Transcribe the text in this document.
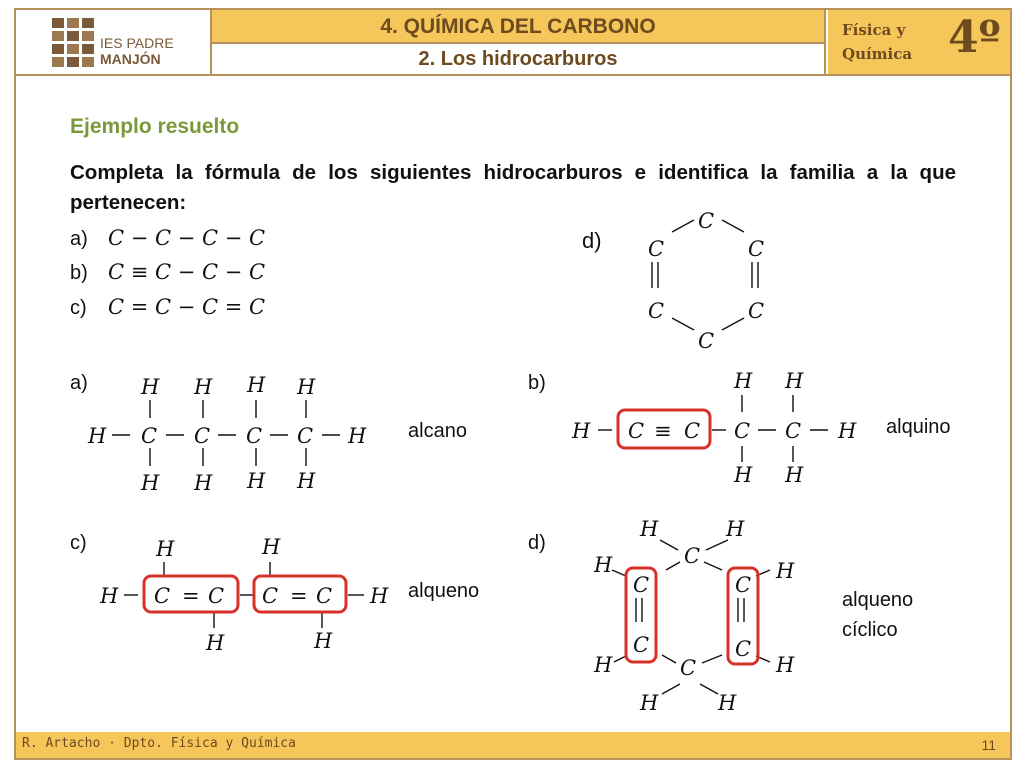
IES PADRE
MANJÓN
4. QUÍMICA DEL CARBONO
2. Los hidrocarburos
Física y
Química 4º
Ejemplo resuelto
Completa la fórmula de los siguientes hidrocarburos e identifica la familia a la que pertenecen:
a) C − C − C − C
b) C ≡ C − C − C
c) C = C − C = C
d)
a)
alcano
b)
alquino
c)
alqueno
d)
alqueno
cíclico
C
C	C
C	C
C
H H H H
H C C C C H
H H H H
H C ≡ C C C H
H H
H H
H	H
H C = C C = C H
H	H
H	H
C
H	H
C	C
C	C
H	H
C
H	H
R. Artacho · Dpto. Física y Química	11
